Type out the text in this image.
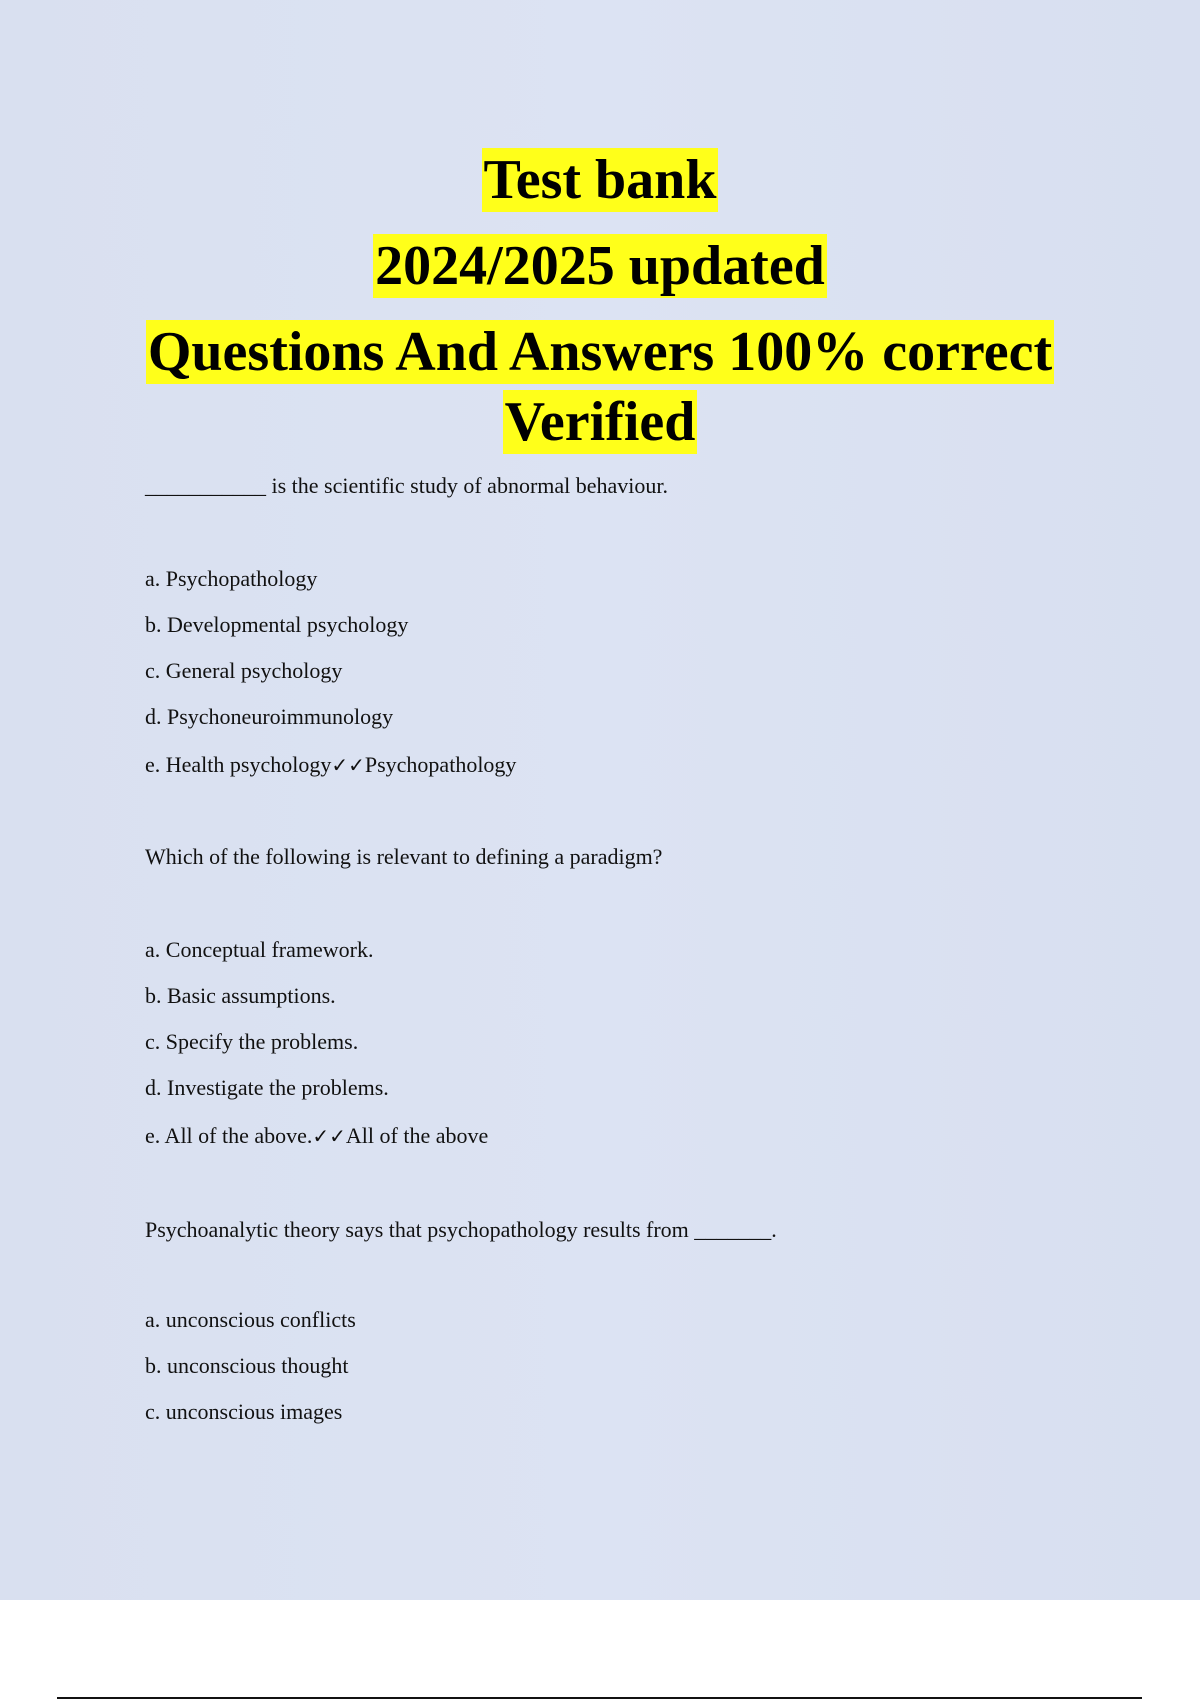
Test bank
2024/2025 updated
Questions And Answers 100% correct
Verified

___________ is the scientific study of abnormal behaviour.

a. Psychopathology

b. Developmental psychology

c. General psychology

d. Psychoneuroimmunology

e. Health psychology✓✓Psychopathology

Which of the following is relevant to defining a paradigm?

a. Conceptual framework.

b. Basic assumptions.

c. Specify the problems.

d. Investigate the problems.

e. All of the above.✓✓All of the above

Psychoanalytic theory says that psychopathology results from _______.

a. unconscious conflicts

b. unconscious thought

c. unconscious images
